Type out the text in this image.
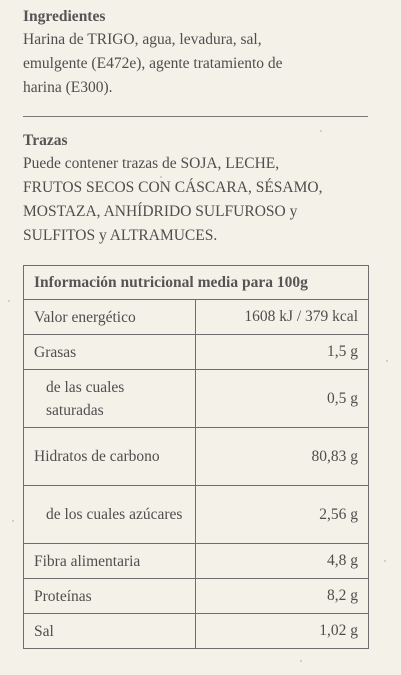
Ingredientes
Harina de TRIGO, agua, levadura, sal,
emulgente (E472e), agente tratamiento de
harina (E300).
Trazas
Puede contener trazas de SOJA, LECHE,
FRUTOS SECOS CON CÁSCARA, SÉSAMO,
MOSTAZA, ANHÍDRIDO SULFUROSO y
SULFITOS y ALTRAMUCES.
Información nutricional media para 100g	
Valor energético	1608 kJ / 379 kcal
Grasas	1,5 g
de las cuales saturadas	0,5 g
Hidratos de carbono	80,83 g
de los cuales azúcares	2,56 g
Fibra alimentaria	4,8 g
Proteínas	8,2 g
Sal	1,02 g
